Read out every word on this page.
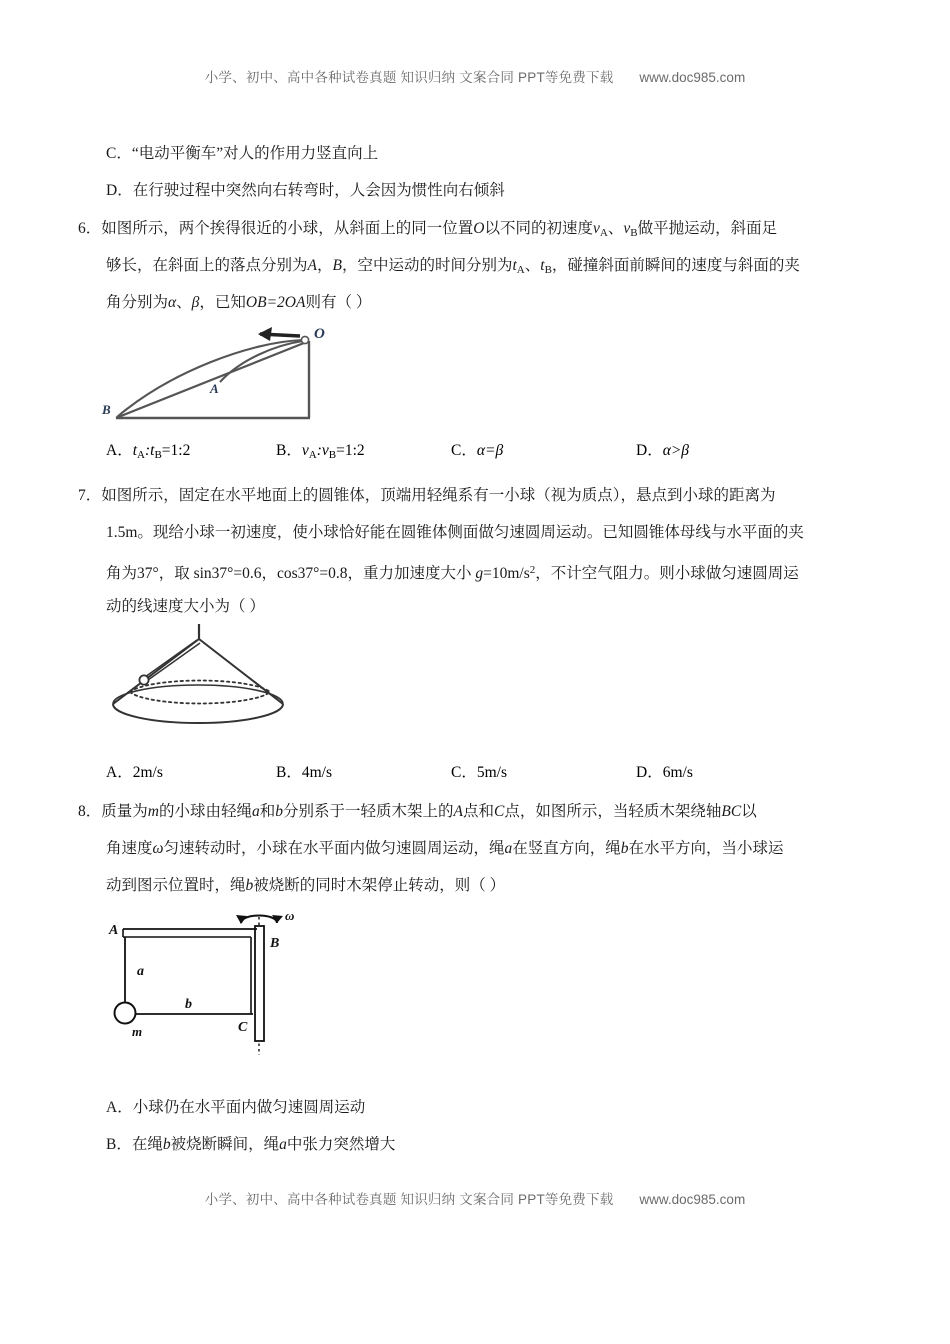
小学、初中、高中各种试卷真题 知识归纳 文案合同 PPT等免费下载 www.doc985.com
C．“电动平衡车”对人的作用力竖直向上
D．在行驶过程中突然向右转弯时，人会因为惯性向右倾斜
6．如图所示，两个挨得很近的小球，从斜面上的同一位置O以不同的初速度$v_A$、$v_B$做平抛运动，斜面足
够长，在斜面上的落点分别为A，B，空中运动的时间分别为$t_A$、$t_B$，碰撞斜面前瞬间的速度与斜面的夹
角分别为α、β，已知OB=2OA则有（ ）
O
A
B
A．$t_A:t_B=1:2$	B．$v_A:v_B=1:2$	C．α=β	D．α>β
7．如图所示，固定在水平地面上的圆锥体，顶端用轻绳系有一小球（视为质点），悬点到小球的距离为
1.5m。现给小球一初速度，使小球恰好能在圆锥体侧面做匀速圆周运动。已知圆锥体母线与水平面的夹
角为37°，取 sin37°=0.6，cos37°=0.8，重力加速度大小 $g=10m/s^2$，不计空气阻力。则小球做匀速圆周运
动的线速度大小为（ ）
A．2m/s	B．4m/s	C．5m/s	D．6m/s
8．质量为m的小球由轻绳a和b分别系于一轻质木架上的A点和C点，如图所示，当轻质木架绕轴BC以
角速度ω匀速转动时，小球在水平面内做匀速圆周运动，绳a在竖直方向，绳b在水平方向，当小球运
动到图示位置时，绳b被烧断的同时木架停止转动，则（ ）
ω
A
B
C
a
b
m
A．小球仍在水平面内做匀速圆周运动
B．在绳b被烧断瞬间，绳a中张力突然增大
小学、初中、高中各种试卷真题 知识归纳 文案合同 PPT等免费下载 www.doc985.com
